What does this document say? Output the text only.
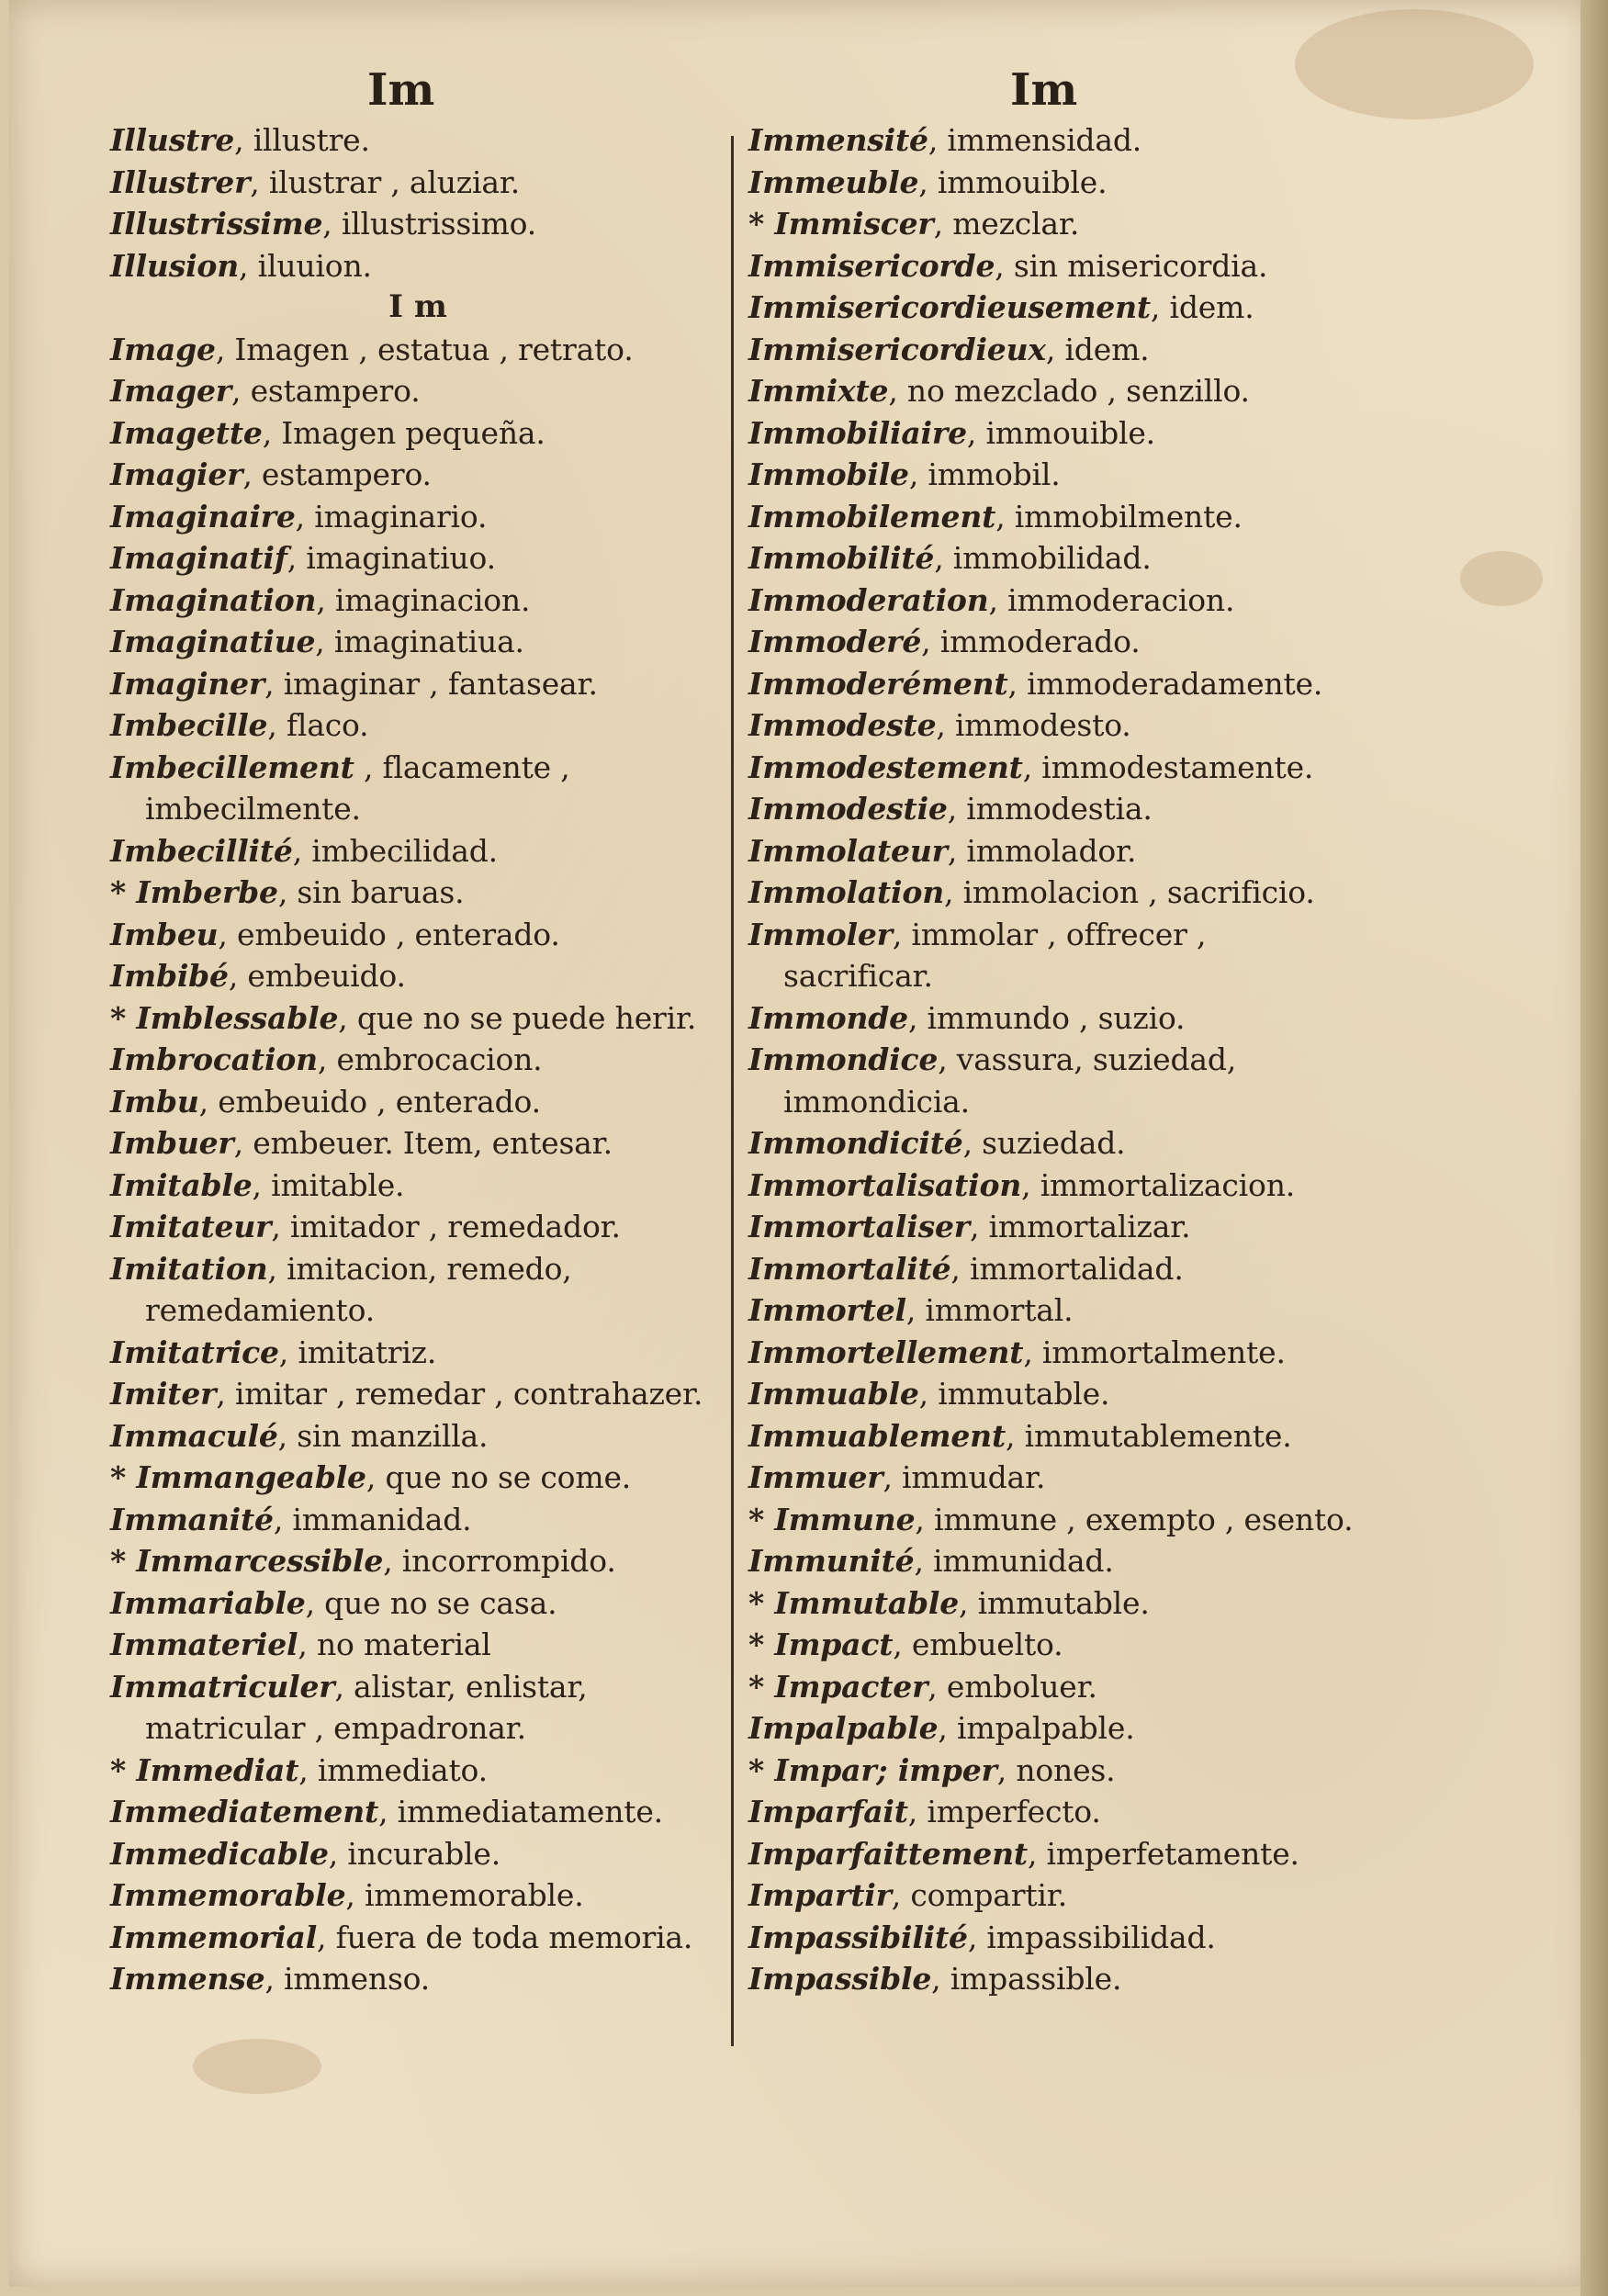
Im	Im
Illustre, illustre.
Illustrer, ilustrar , aluziar.
Illustrissime, illustrissimo.
Illusion, iluuion.
I m
Image, Imagen , estatua , retrato.
Imager, estampero.
Imagette, Imagen pequeña.
Imagier, estampero.
Imaginaire, imaginario.
Imaginatif, imaginatiuo.
Imagination, imaginacion.
Imaginatiue, imaginatiua.
Imaginer, imaginar , fantasear.
Imbecille, flaco.
Imbecillement , flacamente , imbecilmente.
Imbecillité, imbecilidad.
* Imberbe, sin baruas.
Imbeu, embeuido , enterado.
Imbibé, embeuido.
* Imblessable, que no se puede herir.
Imbrocation, embrocacion.
Imbu, embeuido , enterado.
Imbuer, embeuer. Item, entesar.
Imitable, imitable.
Imitateur, imitador , remedador.
Imitation, imitacion, remedo, remedamiento.
Imitatrice, imitatriz.
Imiter, imitar , remedar , contrahazer.
Immaculé, sin manzilla.
* Immangeable, que no se come.
Immanité, immanidad.
* Immarcessible, incorrompido.
Immariable, que no se casa.
Immateriel, no material
Immatriculer, alistar, enlistar, matricular , empadronar.
* Immediat, immediato.
Immediatement, immediatamente.
Immedicable, incurable.
Immemorable, immemorable.
Immemorial, fuera de toda memoria.
Immense, immenso.
Immensité, immensidad.
Immeuble, immouible.
* Immiscer, mezclar.
Immisericorde, sin misericordia.
Immisericordieusement, idem.
Immisericordieux, idem.
Immixte, no mezclado , senzillo.
Immobiliaire, immouible.
Immobile, immobil.
Immobilement, immobilmente.
Immobilité, immobilidad.
Immoderation, immoderacion.
Immoderé, immoderado.
Immoderément, immoderadamente.
Immodeste, immodesto.
Immodestement, immodestamente.
Immodestie, immodestia.
Immolateur, immolador.
Immolation, immolacion , sacrificio.
Immoler, immolar , offrecer , sacrificar.
Immonde, immundo , suzio.
Immondice, vassura, suziedad, immondicia.
Immondicité, suziedad.
Immortalisation, immortalizacion.
Immortaliser, immortalizar.
Immortalité, immortalidad.
Immortel, immortal.
Immortellement, immortalmente.
Immuable, immutable.
Immuablement, immutablemente.
Immuer, immudar.
* Immune, immune , exempto , esento.
Immunité, immunidad.
* Immutable, immutable.
* Impact, embuelto.
* Impacter, emboluer.
Impalpable, impalpable.
* Impar; imper, nones.
Imparfait, imperfecto.
Imparfaittement, imperfetamente.
Impartir, compartir.
Impassibilité, impassibilidad.
Impassible, impassible.
